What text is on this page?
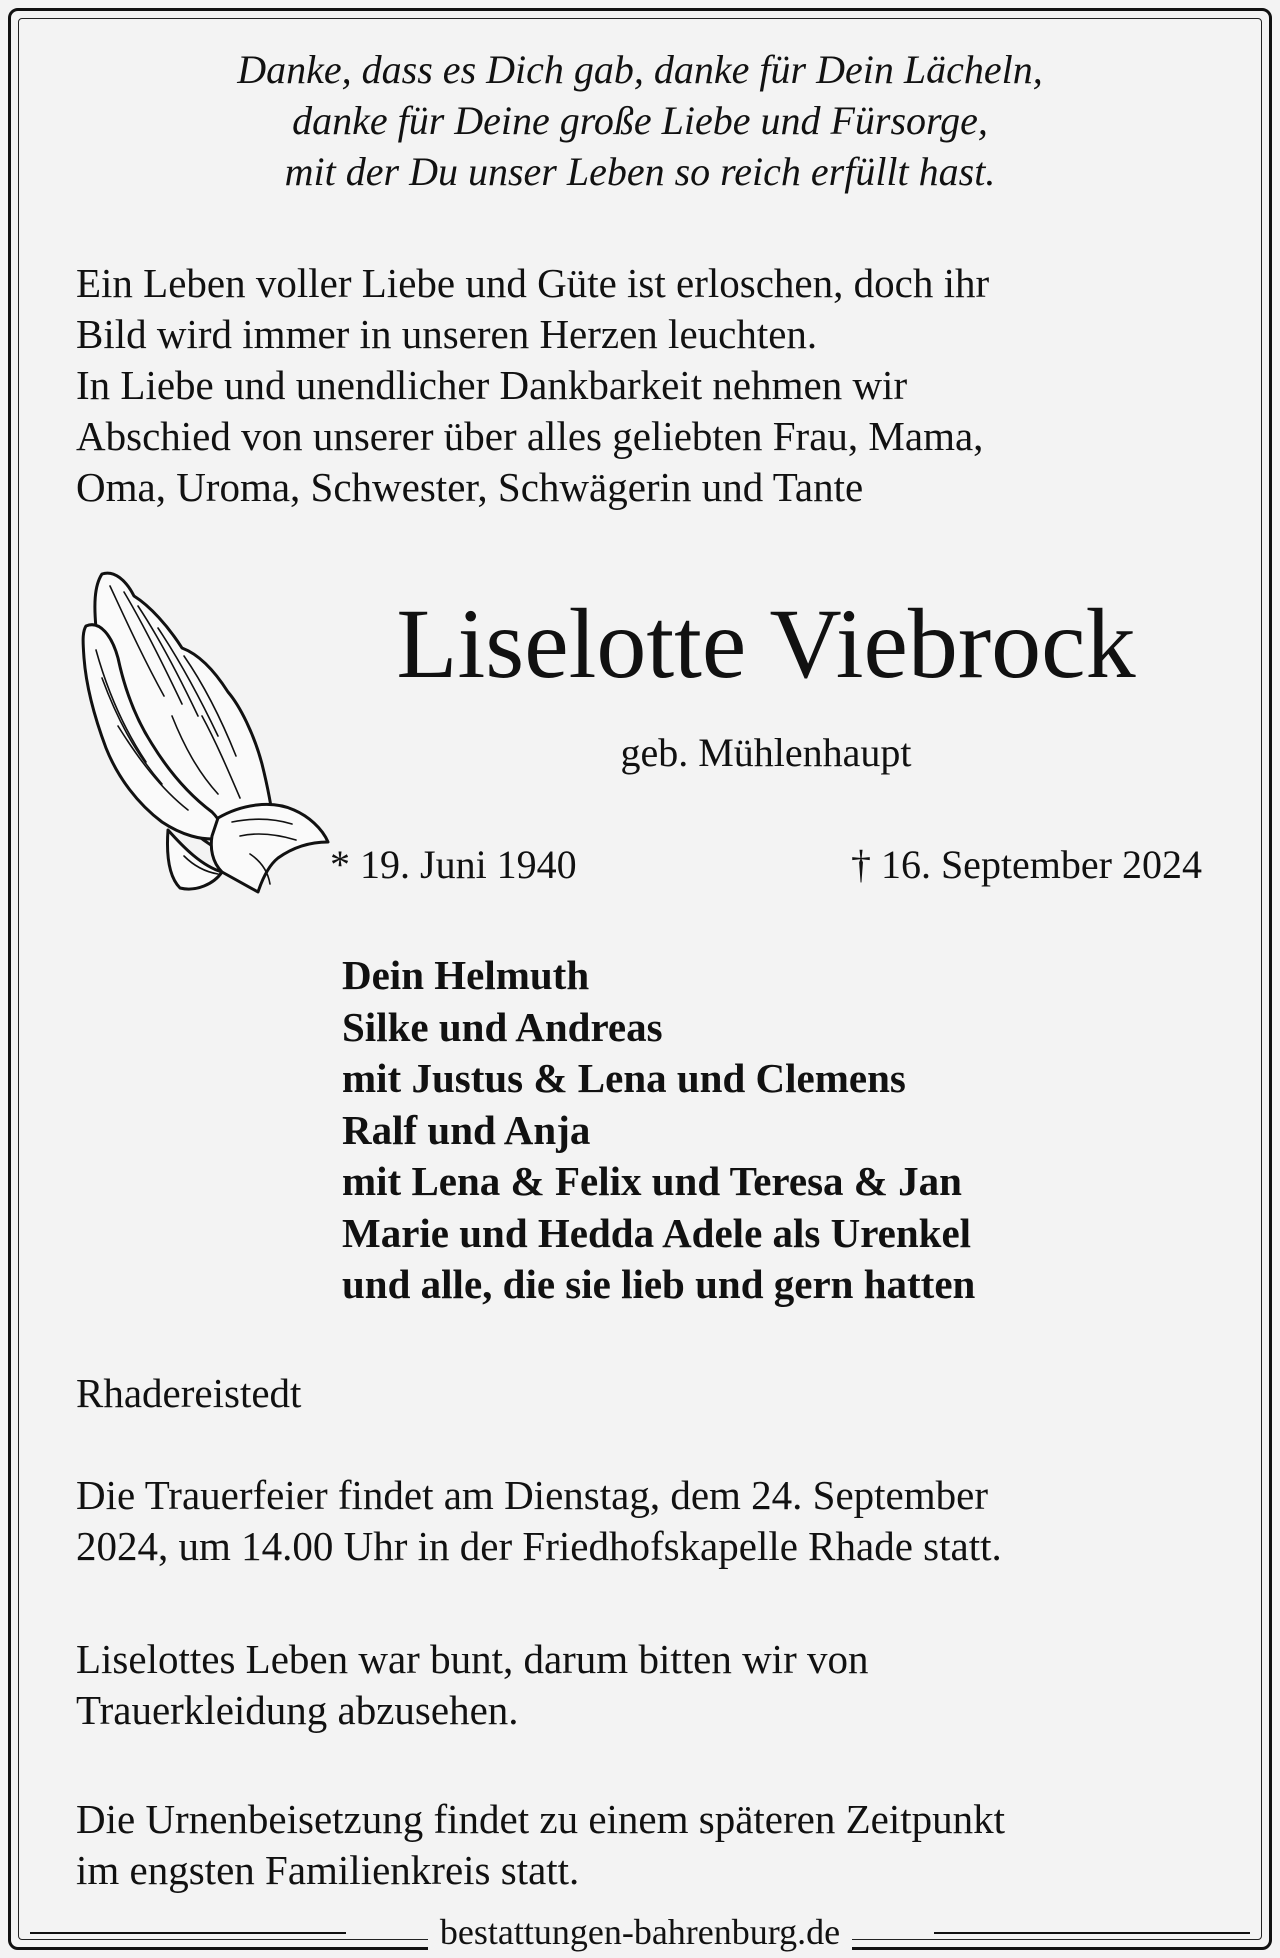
Danke, dass es Dich gab, danke für Dein Lächeln,
danke für Deine große Liebe und Fürsorge,
mit der Du unser Leben so reich erfüllt hast.
Ein Leben voller Liebe und Güte ist erloschen, doch ihr
Bild wird immer in unseren Herzen leuchten.
In Liebe und unendlicher Dankbarkeit nehmen wir
Abschied von unserer über alles geliebten Frau, Mama,
Oma, Uroma, Schwester, Schwägerin und Tante
Liselotte Viebrock
geb. Mühlenhaupt
* 19. Juni 1940	† 16. September 2024
Dein Helmuth
Silke und Andreas
mit Justus & Lena und Clemens
Ralf und Anja
mit Lena & Felix und Teresa & Jan
Marie und Hedda Adele als Urenkel
und alle, die sie lieb und gern hatten
Rhadereistedt
Die Trauerfeier findet am Dienstag, dem 24. September
2024, um 14.00 Uhr in der Friedhofskapelle Rhade statt.
Liselottes Leben war bunt, darum bitten wir von
Trauerkleidung abzusehen.
Die Urnenbeisetzung findet zu einem späteren Zeitpunkt
im engsten Familienkreis statt.
bestattungen-bahrenburg.de
